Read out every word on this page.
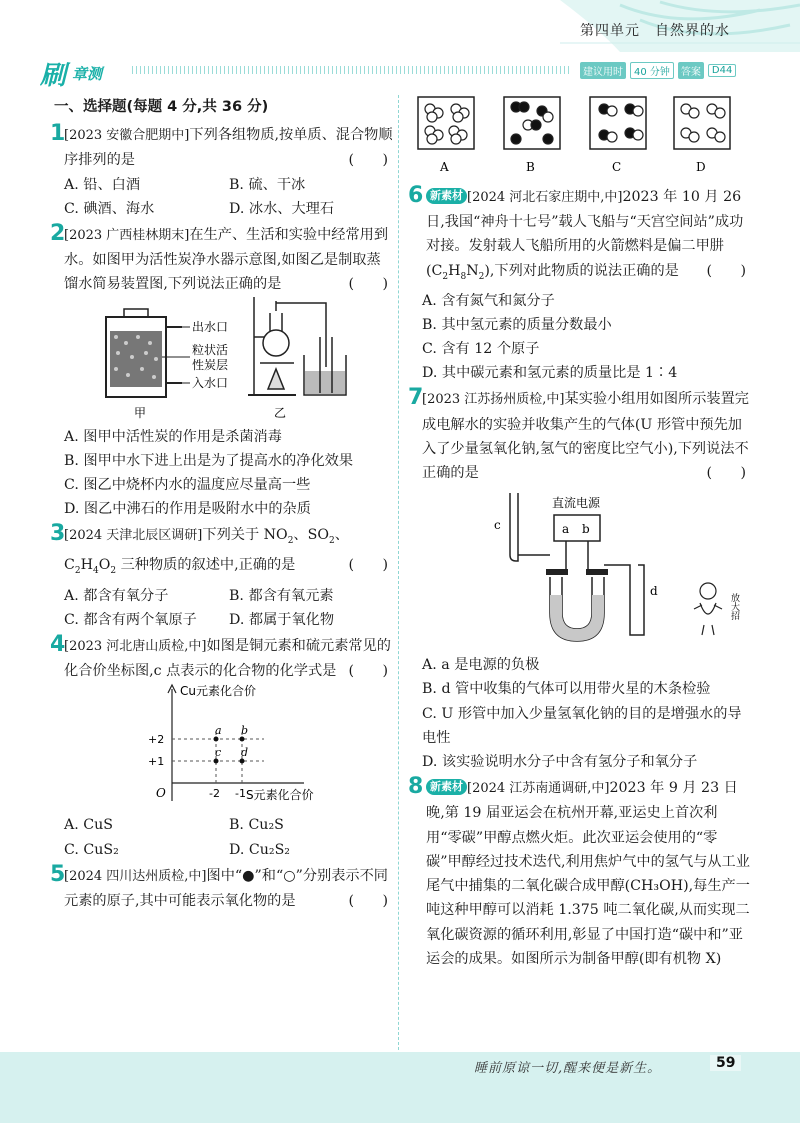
第四单元　自然界的水
刷 章测	建议用时	40 分钟	答案	D44
一、选择题(每题 4 分,共 36 分)
1
[2023 安徽合肥期中]下列各组物质,按单质、混合物顺序排列的是	(　　)
A. 铅、白酒	B. 硫、干冰
C. 碘酒、海水	D. 冰水、大理石
2
[2023 广西桂林期末]在生产、生活和实验中经常用到水。如图甲为活性炭净水器示意图,如图乙是制取蒸馏水简易装置图,下列说法正确的是	(　　)
出水口
粒状活
性炭层
入水口
甲	乙
A. 图甲中活性炭的作用是杀菌消毒
B. 图甲中水下进上出是为了提高水的净化效果
C. 图乙中烧杯内水的温度应尽量高一些
D. 图乙中沸石的作用是吸附水中的杂质
3
[2024 天津北辰区调研]下列关于 $NO_2$、$SO_2$、$C_2H_4O_2$ 三种物质的叙述中,正确的是	(　　)
A. 都含有氧分子	B. 都含有氧元素
C. 都含有两个氧原子	D. 都属于氧化物
4
[2023 河北唐山质检,中]如图是铜元素和硫元素常见的化合价坐标图,c 点表示的化合物的化学式是 (　　)
Cu元素化合价
S元素化合价
O	-2 -1
+1
+2
a b
c d
A. CuS	B. Cu₂S
C. CuS₂	D. Cu₂S₂
5
[2024 四川达州质检,中]图中“●”和“○”分别表示不同元素的原子,其中可能表示氧化物的是	(　　)
A	B	C	D
6 新素材 [2024 河北石家庄期中,中]2023 年 10 月 26 日,我国“神舟十七号”载人飞船与“天宫空间站”成功对接。发射载人飞船所用的火箭燃料是偏二甲肼$(C_2H_8N_2)$,下列对此物质的说法正确的是 (　　)
A. 含有氮气和氮分子
B. 其中氢元素的质量分数最小
C. 含有 12 个原子
D. 其中碳元素和氢元素的质量比是 1∶4
7
[2023 江苏扬州质检,中]某实验小组用如图所示装置完成电解水的实验并收集产生的气体(U 形管中预先加入了少量氢氧化钠,氢气的密度比空气小),下列说法不正确的是	(　　)
直流电源
a b
c
d
放大招
A. a 是电源的负极
B. d 管中收集的气体可以用带火星的木条检验
C. U 形管中加入少量氢氧化钠的目的是增强水的导电性
D. 该实验说明水分子中含有氢分子和氧分子
8 新素材 [2024 江苏南通调研,中]2023 年 9 月 23 日晚,第 19 届亚运会在杭州开幕,亚运史上首次利用“零碳”甲醇点燃火炬。此次亚运会使用的“零碳”甲醇经过技术迭代,利用焦炉气中的氢气与从工业尾气中捕集的二氧化碳合成甲醇(CH₃OH),每生产一吨这种甲醇可以消耗 1.375 吨二氧化碳,从而实现二氧化碳资源的循环利用,彰显了中国打造“碳中和”亚运会的成果。如图所示为制备甲醇(即有机物 X)
睡前原谅一切,醒来便是新生。	59
